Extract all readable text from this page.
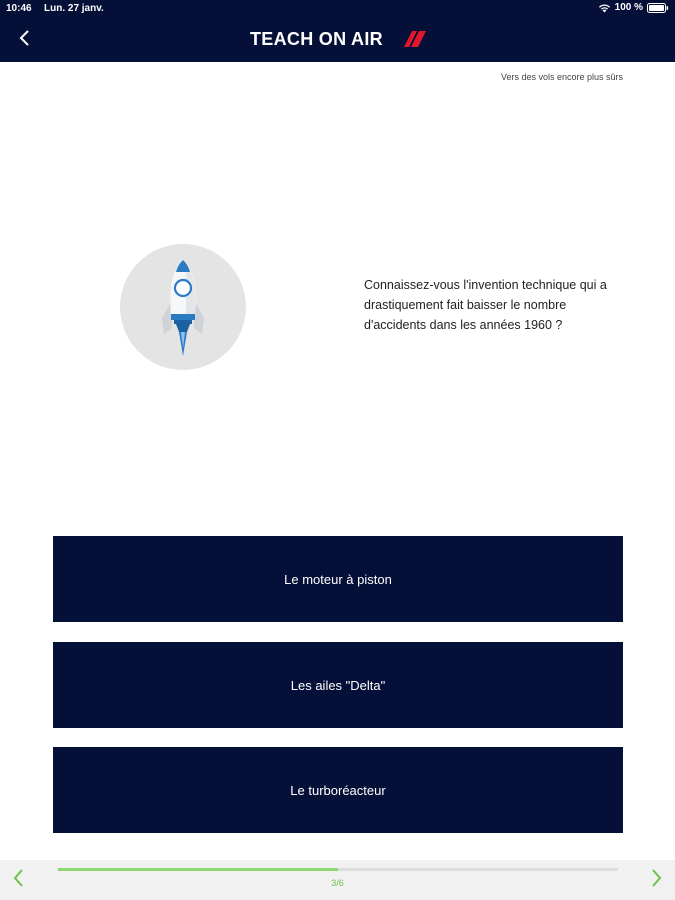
10:46 Lun. 27 janv.	100 %
TEACH ON AIR
Vers des vols encore plus sûrs

Connaissez-vous l'invention technique qui a drastiquement fait baisser le nombre d'accidents dans les années 1960 ?

Le moteur à piston
Les ailes "Delta"
Le turboréacteur
3/6
